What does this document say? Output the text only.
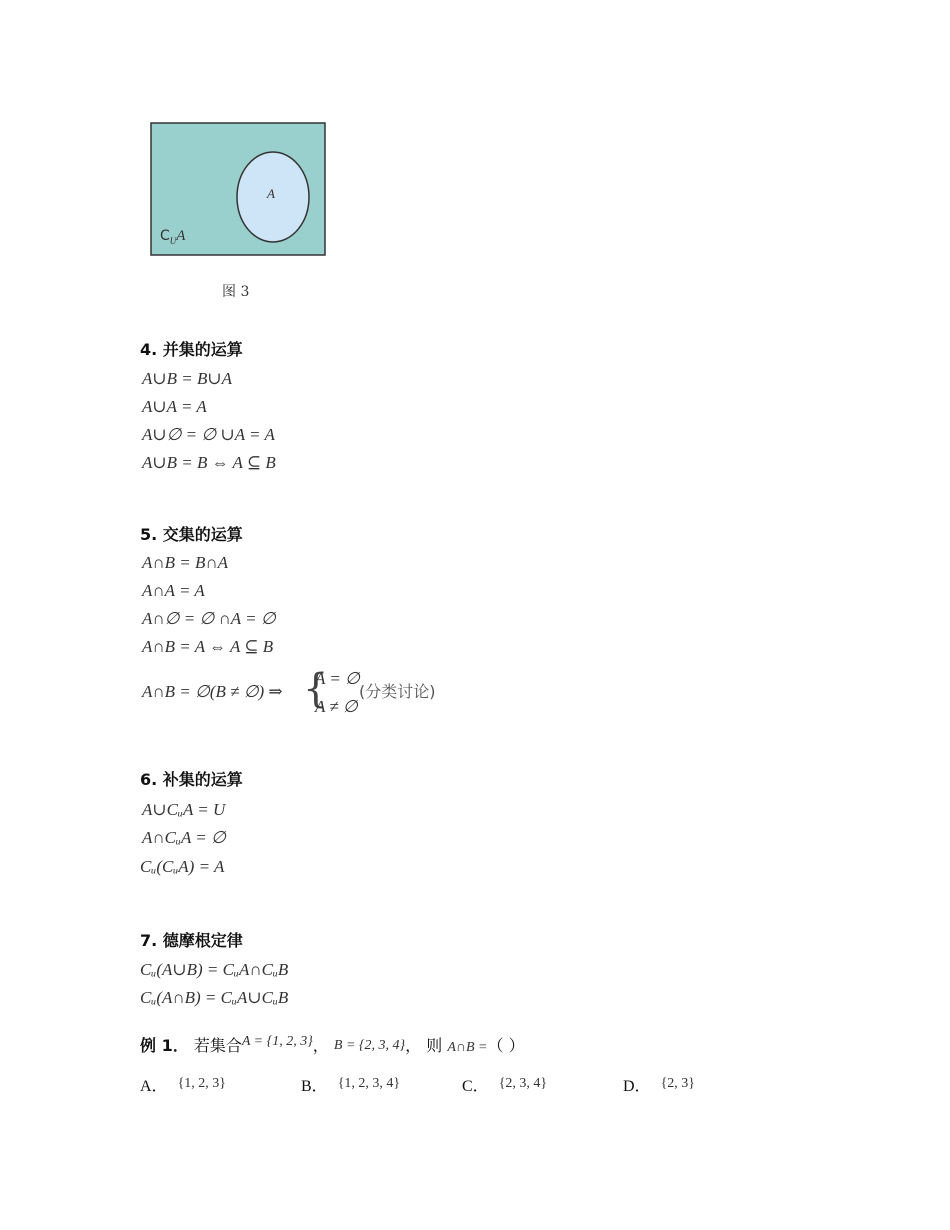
A
$C_UA$
图 3
4. 并集的运算
A∪B = B∪A
A∪A = A
A∪∅ = ∅ ∪A = A
A∪B = B ⇔ A ⊆ B
5. 交集的运算
A∩B = B∩A
A∩A = A
A∩∅ = ∅ ∩A = ∅
A∩B = A ⇔ A ⊆ B
A∩B = ∅(B ≠ ∅) ⇒ {
A = ∅
A ≠ ∅
(分类讨论)
6. 补集的运算
A∪CᵤA = U
A∩CᵤA = ∅
Cᵤ(CᵤA) = A
7. 德摩根定律
Cᵤ(A∪B) = CᵤA∩CᵤB
Cᵤ(A∩B) = CᵤA∪CᵤB
例 1． 若集合A = {1, 2, 3}， B = {2, 3, 4}， 则 A∩B =（ ）
A． {1, 2, 3}	B． {1, 2, 3, 4}	C． {2, 3, 4}	D． {2, 3}
